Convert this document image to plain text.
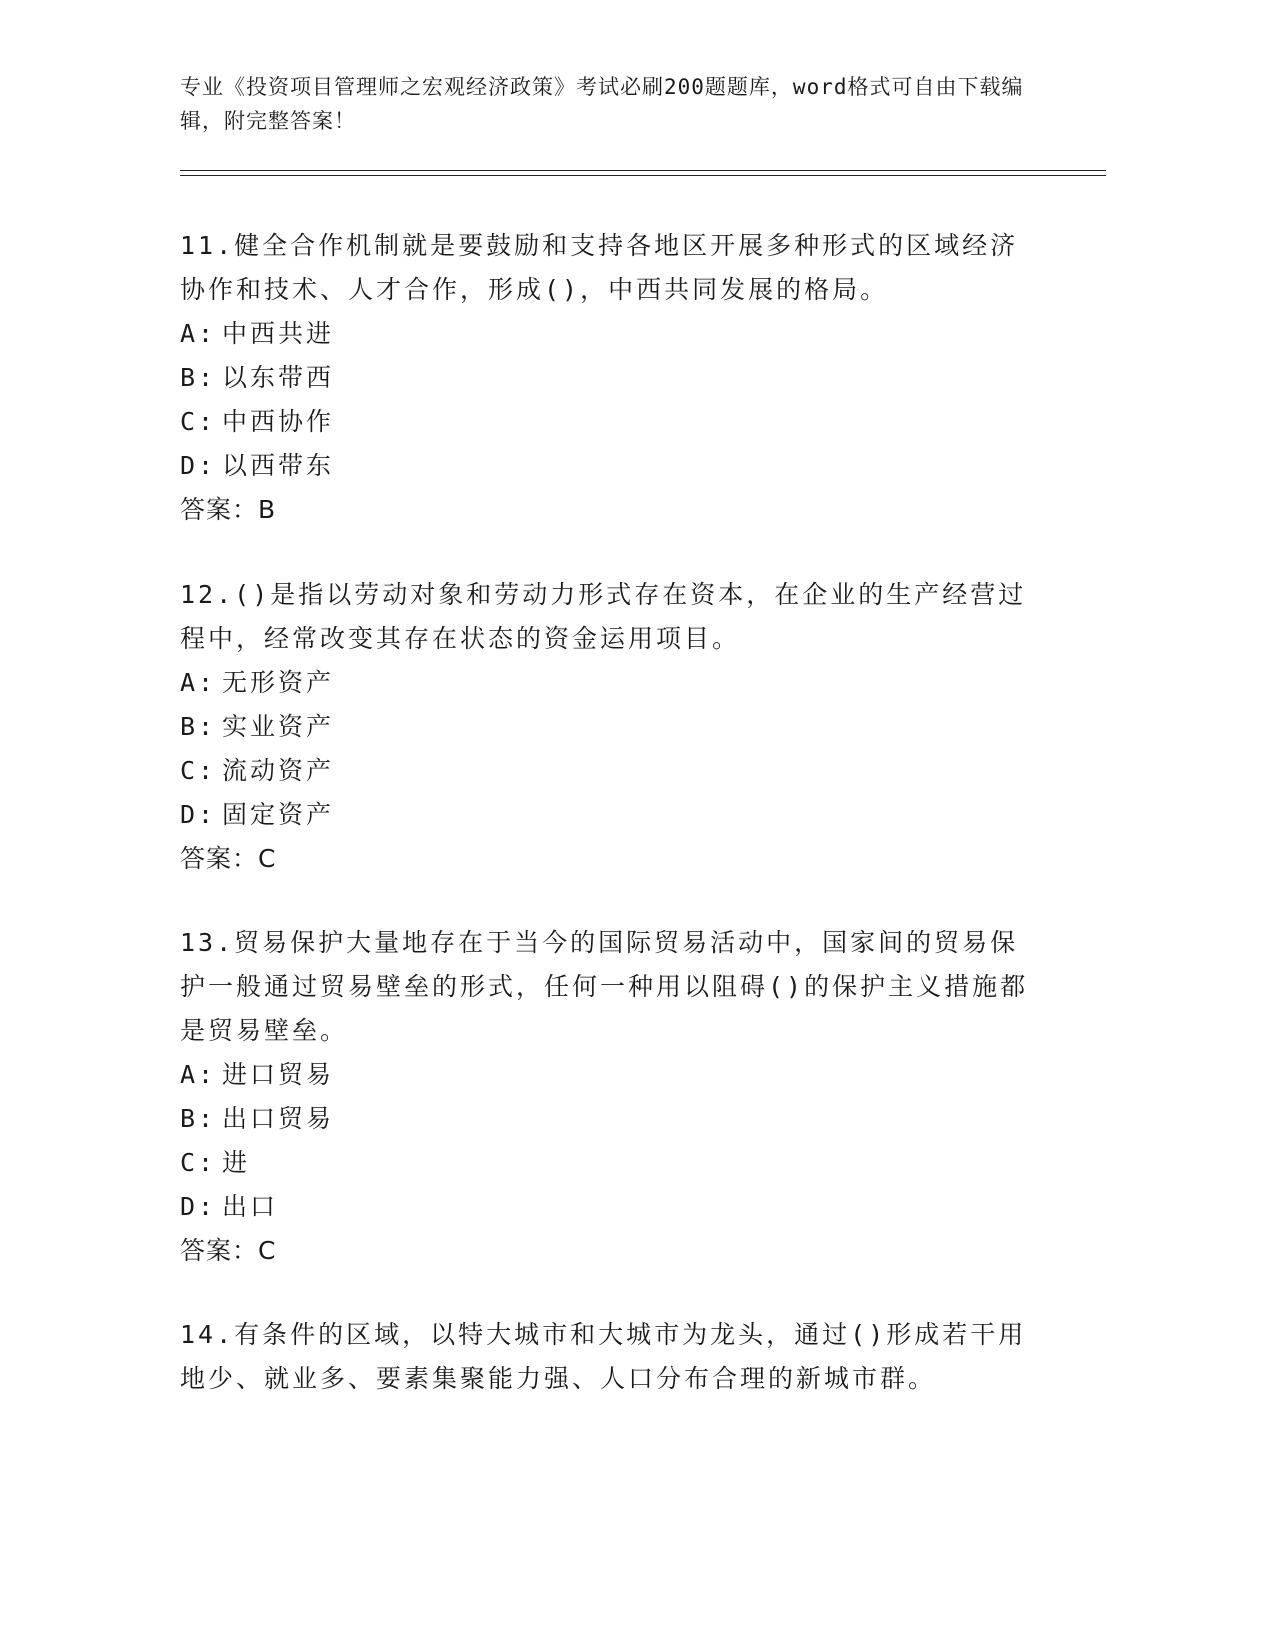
专业《投资项目管理师之宏观经济政策》考试必刷200题题库，word格式可自由下载编辑，附完整答案！

11.健全合作机制就是要鼓励和支持各地区开展多种形式的区域经济协作和技术、人才合作，形成()，中西共同发展的格局。

A: 中西共进

B: 以东带西

C: 中西协作

D: 以西带东

答案：B

12.()是指以劳动对象和劳动力形式存在资本，在企业的生产经营过程中，经常改变其存在状态的资金运用项目。

A: 无形资产

B: 实业资产

C: 流动资产

D: 固定资产

答案：C

13.贸易保护大量地存在于当今的国际贸易活动中，国家间的贸易保护一般通过贸易壁垒的形式，任何一种用以阻碍()的保护主义措施都是贸易壁垒。

A: 进口贸易

B: 出口贸易

C: 进

D: 出口

答案：C

14.有条件的区域，以特大城市和大城市为龙头，通过()形成若干用地少、就业多、要素集聚能力强、人口分布合理的新城市群。
